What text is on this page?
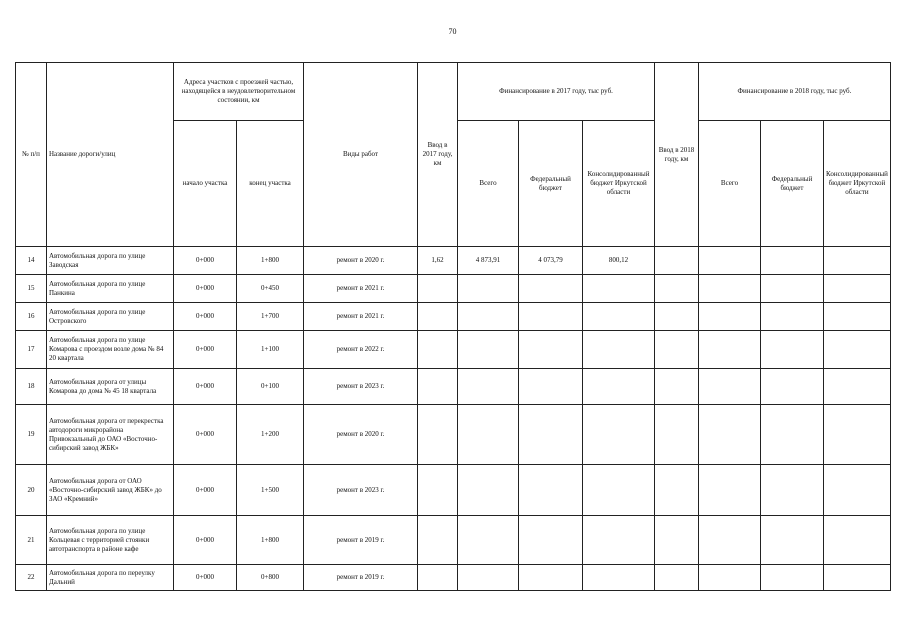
70
№ п/п	Название дороги/улиц	Адреса участков с проезжей частью, находящейся в неудовлетворительном состоянии, км		Виды работ	Ввод в 2017 году, км	Финансирование в 2017 году, тыс руб.			Ввод в 2018 году, км	Финансирование в 2018 году, тыс руб.		
		начало участка	конец участка			Всего	Федеральный бюджет	Консолидированный бюджет Иркутской области		Всего	Федеральный бюджет	Консолидированный бюджет Иркутской области
14	Автомобильная дорога по улице Заводская	0+000	1+800	ремонт в 2020 г.	1,62	4 873,91	4 073,79	800,12				
15	Автомобильная дорога по улице Панкина	0+000	0+450	ремонт в 2021 г.								
16	Автомобильная дорога по улице Островского	0+000	1+700	ремонт в 2021 г.								
17	Автомобильная дорога по улице Комарова с проездом возле дома № 84 20 квартала	0+000	1+100	ремонт в 2022 г.								
18	Автомобильная дорога от улицы Комарова до дома № 45 18 квартала	0+000	0+100	ремонт в 2023 г.								
19	Автомобильная дорога от перекрестка автодороги микрорайона Привокзальный до ОАО «Восточно-сибирский завод ЖБК»	0+000	1+200	ремонт в 2020 г.								
20	Автомобильная дорога от ОАО «Восточно-сибирский завод ЖБК» до ЗАО «Кремний»	0+000	1+500	ремонт в 2023 г.								
21	Автомобильная дорога по улице Кольцевая с территорией стоянки автотранспорта в районе кафе	0+000	1+800	ремонт в 2019 г.								
22	Автомобильная дорога по переулку Дальний	0+000	0+800	ремонт в 2019 г.								
